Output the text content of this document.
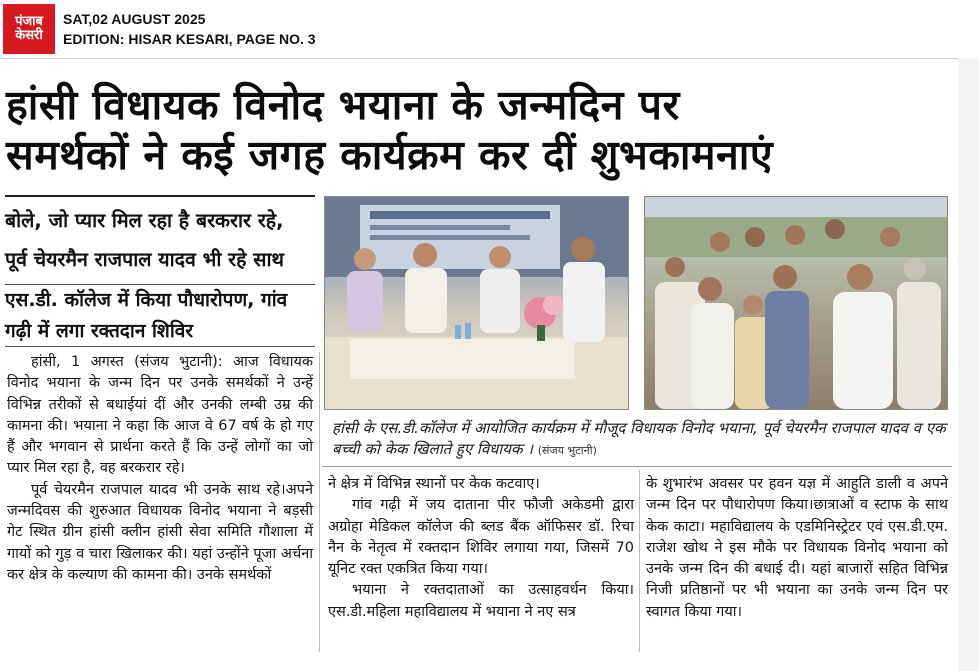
पंजाब
केसरी
SAT,02 AUGUST 2025
EDITION: HISAR KESARI, PAGE NO. 3
हांसी विधायक विनोद भयाना के जन्मदिन पर
समर्थकों ने कई जगह कार्यक्रम कर दीं शुभकामनाएं

बोले, जो प्यार मिल रहा है बरकरार रहे,

पूर्व चेयरमैन राजपाल यादव भी रहे साथ

एस.डी. कॉलेज में किया पौधारोपण, गांव

गढ़ी में लगा रक्तदान शिविर

हांसी के एस.डी.कॉलेज में आयोजित कार्यक्रम में मौजूद विधायक विनोद भयाना, पूर्व चेयरमैन राजपाल यादव व एक बच्ची को केक खिलाते हुए विधायक । (संजय भुटानी)

हांसी, 1 अगस्त (संजय भुटानी): आज विधायक विनोद भयाना के जन्म दिन पर उनके समर्थकों ने उन्हें विभिन्न तरीकों से बधाईयां दीं और उनकी लम्बी उम्र की कामना की। भयाना ने कहा कि आज वे 67 वर्ष के हो गए हैं और भगवान से प्रार्थना करते हैं कि उन्हें लोगों का जो प्यार मिल रहा है, वह बरकरार रहे।

पूर्व चेयरमैन राजपाल यादव भी उनके साथ रहे।अपने जन्मदिवस की शुरुआत विधायक विनोद भयाना ने बड़सी गेट स्थित ग्रीन हांसी क्लीन हांसी सेवा समिति गौशाला में गायों को गुड़ व चारा खिलाकर की। यहां उन्होंने पूजा अर्चना कर क्षेत्र के कल्याण की कामना की। उनके समर्थकों

ने क्षेत्र में विभिन्न स्थानों पर केक कटवाए।

गांव गढ़ी में जय दाताना पीर फौजी अकेडमी द्वारा अग्रोहा मेडिकल कॉलेज की ब्लड बैंक ऑफिसर डॉ. रिचा नैन के नेतृत्व में रक्तदान शिविर लगाया गया, जिसमें 70 यूनिट रक्त एकत्रित किया गया।

भयाना ने रक्तदाताओं का उत्साहवर्धन किया। एस.डी.महिला महाविद्यालय में भयाना ने नए सत्र

के शुभारंभ अवसर पर हवन यज्ञ में आहुति डाली व अपने जन्म दिन पर पौधारोपण किया।छात्राओं व स्टाफ के साथ केक काटा। महाविद्यालय के एडमिनिस्ट्रेटर एवं एस.डी.एम. राजेश खोथ ने इस मौके पर विधायक विनोद भयाना को उनके जन्म दिन की बधाई दी। यहां बाजारों सहित विभिन्न निजी प्रतिष्ठानों पर भी भयाना का उनके जन्म दिन पर स्वागत किया गया।
